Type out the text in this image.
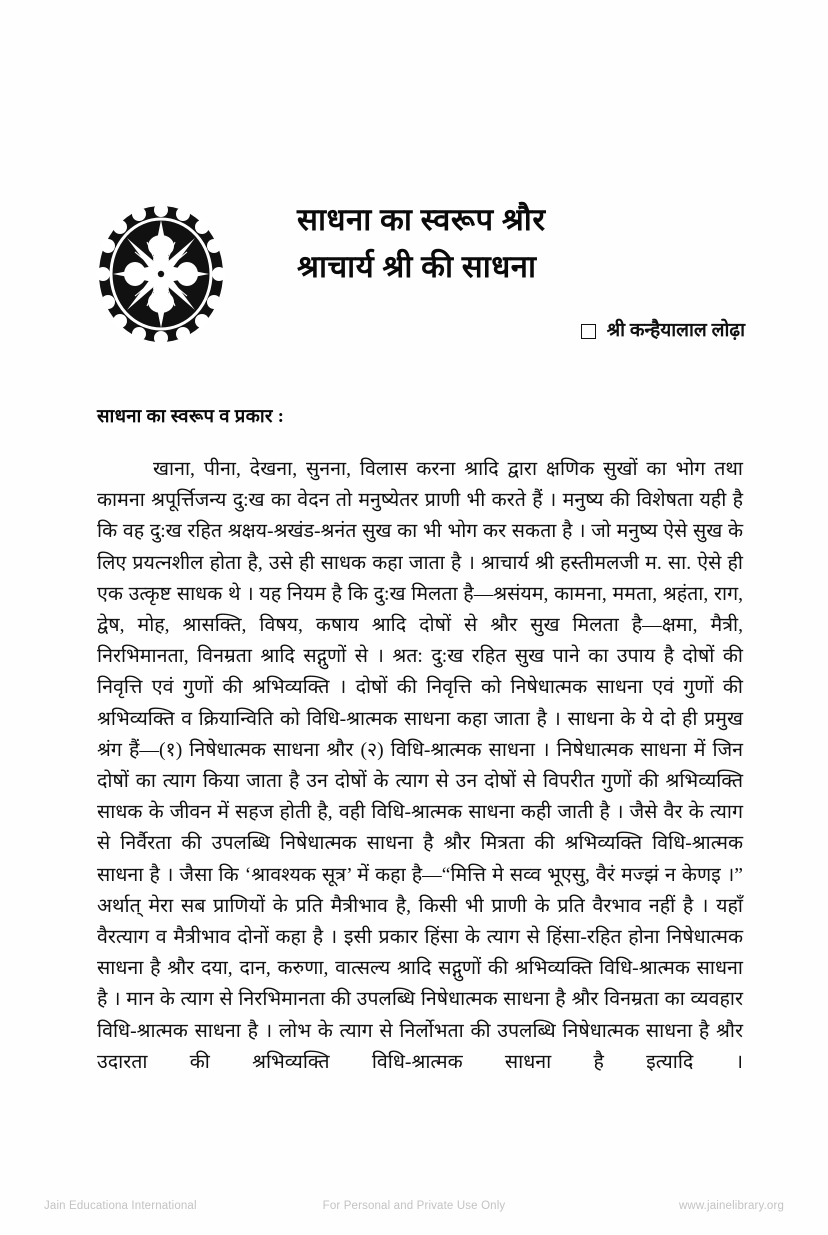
साधना का स्वरूप श्रौर
श्राचार्य श्री की साधना
श्री कन्हैयालाल लोढ़ा
साधना का स्वरूप व प्रकार :

खाना, पीना, देखना, सुनना, विलास करना श्रादि द्वारा क्षणिक सुखों का भोग तथा कामना श्रपूर्त्तिजन्य दु:ख का वेदन तो मनुष्येतर प्राणी भी करते हैं । मनुष्य की विशेषता यही है कि वह दु:ख रहित श्रक्षय-श्रखंड-श्रनंत सुख का भी भोग कर सकता है । जो मनुष्य ऐसे सुख के लिए प्रयत्नशील होता है, उसे ही साधक कहा जाता है । श्राचार्य श्री हस्तीमलजी म. सा. ऐसे ही एक उत्कृष्ट साधक थे । यह नियम है कि दु:ख मिलता है—श्रसंयम, कामना, ममता, श्रहंता, राग, द्वेष, मोह, श्रासक्ति, विषय, कषाय श्रादि दोषों से श्रौर सुख मिलता है—क्षमा, मैत्री, निरभिमानता, विनम्रता श्रादि सद्गुणों से । श्रत: दु:ख रहित सुख पाने का उपाय है दोषों की निवृत्ति एवं गुणों की श्रभिव्यक्ति । दोषों की निवृत्ति को निषेधात्मक साधना एवं गुणों की श्रभिव्यक्ति व क्रियान्विति को विधि-श्रात्मक साधना कहा जाता है । साधना के ये दो ही प्रमुख श्रंग हैं—(१) निषेधात्मक साधना श्रौर (२) विधि-श्रात्मक साधना । निषेधात्मक साधना में जिन दोषों का त्याग किया जाता है उन दोषों के त्याग से उन दोषों से विपरीत गुणों की श्रभिव्यक्ति साधक के जीवन में सहज होती है, वही विधि-श्रात्मक साधना कही जाती है । जैसे वैर के त्याग से निर्वैरता की उपलब्धि निषेधात्मक साधना है श्रौर मित्रता की श्रभिव्यक्ति विधि-श्रात्मक साधना है । जैसा कि ‘श्रावश्यक सूत्र’ में कहा है—“मित्ति मे सव्व भूएसु, वैरं मज्झं न केणइ ।” अर्थात् मेरा सब प्राणियों के प्रति मैत्रीभाव है, किसी भी प्राणी के प्रति वैरभाव नहीं है । यहाँ वैरत्याग व मैत्रीभाव दोनों कहा है । इसी प्रकार हिंसा के त्याग से हिंसा-रहित होना निषेधात्मक साधना है श्रौर दया, दान, करुणा, वात्सल्य श्रादि सद्गुणों की श्रभिव्यक्ति विधि-श्रात्मक साधना है । मान के त्याग से निरभिमानता की उपलब्धि निषेधात्मक साधना है श्रौर विनम्रता का व्यवहार विधि-श्रात्मक साधना है । लोभ के त्याग से निर्लोभता की उपलब्धि निषेधात्मक साधना है श्रौर उदारता की श्रभिव्यक्ति विधि-श्रात्मक साधना है इत्यादि ।

Jain Educationa International	For Personal and Private Use Only	www.jainelibrary.org
